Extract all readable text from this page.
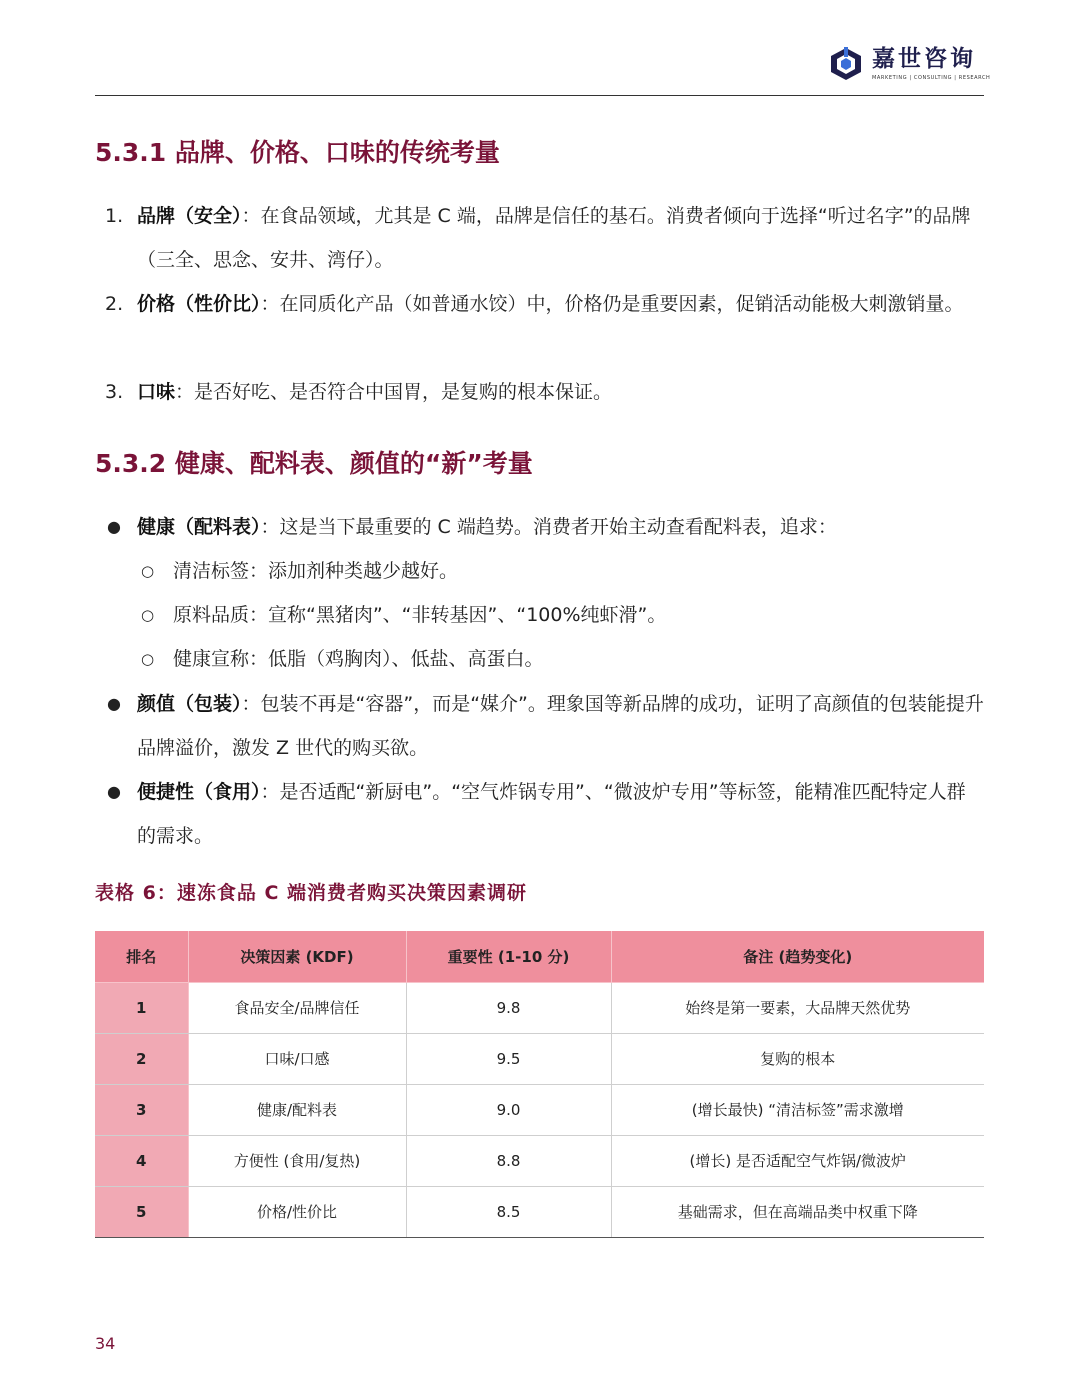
嘉世咨询
MARKETING | CONSULTING | RESEARCH
5.3.1 品牌、价格、口味的传统考量
1. 品牌（安全）：在食品领域，尤其是 C 端，品牌是信任的基石。消费者倾向于选择“听过名字”的品牌（三全、思念、安井、湾仔）。
2. 价格（性价比）：在同质化产品（如普通水饺）中，价格仍是重要因素，促销活动能极大刺激销量。
3. 口味：是否好吃、是否符合中国胃，是复购的根本保证。
5.3.2 健康、配料表、颜值的“新”考量
● 健康（配料表）：这是当下最重要的 C 端趋势。消费者开始主动查看配料表，追求：
○ 清洁标签：添加剂种类越少越好。
○ 原料品质：宣称“黑猪肉”、“非转基因”、“100%纯虾滑”。
○ 健康宣称：低脂（鸡胸肉）、低盐、高蛋白。
● 颜值（包装）：包装不再是“容器”，而是“媒介”。理象国等新品牌的成功，证明了高颜值的包装能提升品牌溢价，激发 Z 世代的购买欲。
● 便捷性（食用）：是否适配“新厨电”。“空气炸锅专用”、“微波炉专用”等标签，能精准匹配特定人群的需求。
表格 6：速冻食品 C 端消费者购买决策因素调研
排名	决策因素 (KDF)	重要性 (1-10 分)	备注 (趋势变化)
1	食品安全/品牌信任	9.8	始终是第一要素，大品牌天然优势
2	口味/口感	9.5	复购的根本
3	健康/配料表	9.0	(增长最快) “清洁标签”需求激增
4	方便性 (食用/复热)	8.8	(增长) 是否适配空气炸锅/微波炉
5	价格/性价比	8.5	基础需求，但在高端品类中权重下降

34
